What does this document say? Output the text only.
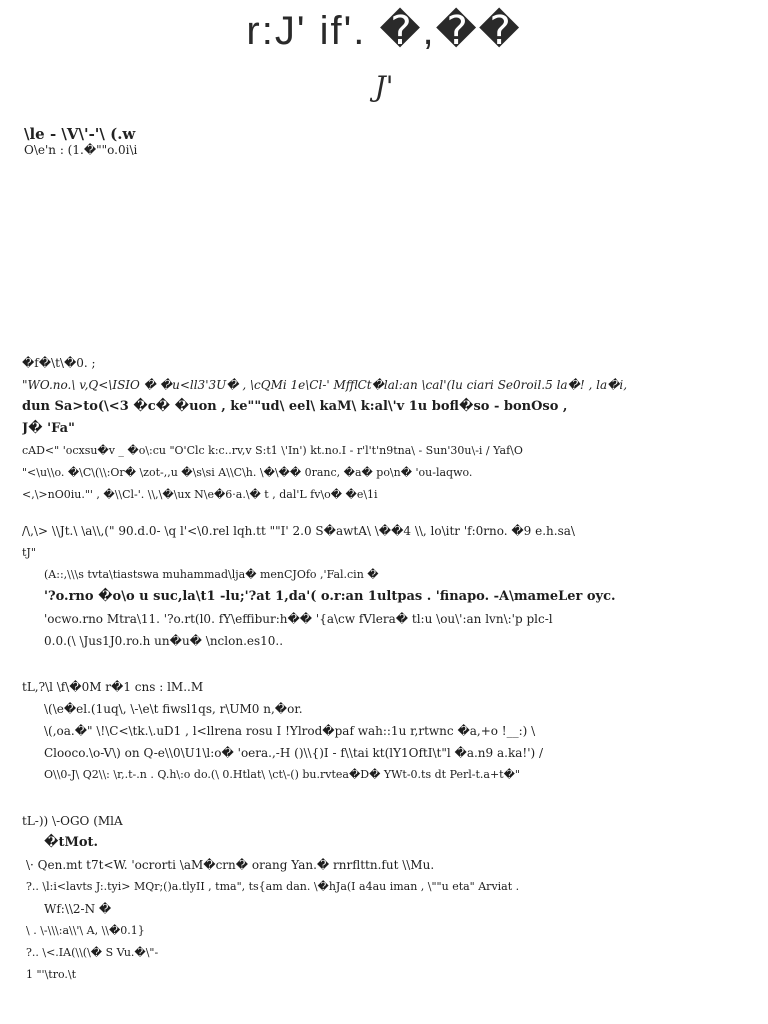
r:J' if'. �,��
J'
\le - \V\'-'\ (.w
O\e'n : (1.�""o.0i\i
�f�\t\�0. ;
"WO.no.\ v,Q<\ISIO � �u<ll3'3U� , \cQMi 1e\Cl-' MfflCt�lal:an \cal'(lu ciari Se0roil.5 la�! , la�i,
dun Sa>to(\<3 �c� �uon , ke""ud\ eel\ kaM\ k:al\'v 1u bofl�so - bonOso ,
J� 'Fa"
cAD<" 'ocxsu�v _ �o\:cu "O'Clc k:c..rv,v S:t1 \'In') kt.no.I - r'l't'n9tna\ - Sun'30u\-i / Yaf\O
"<\u\\o. �\C\(\\:Or� \zot-,,u �\s\si A\\C\h. \�\�� 0ranc, �a� po\n� 'ou-laqwo.
<,\>nO0iu."' , �\\Cl-'. \\,\�\ux N\e�6·a.\� t , dal'L fv\o� �e\1i
/\,\> \\Jt.\ \a\\,(" 90.d.0- \q l'<\0.rel lqh.tt ""I' 2.0 S�awtA\ \��4 \\, lo\itr 'f:0rno. �9 e.h.sa\
tJ"
(A::,\\\s tvta\tiastswa muhammad\lja� menCJOfo ,'Fal.cin �
'?o.rno �o\o u suc,la\t1 -lu;'?at 1,da'( o.r:an 1ultpas . 'finapo. -A\mameLer oyc.
'ocwo.rno Mtra\11. '?o.rt(l0. fY\effibur:h�� '{a\cw fVlera� tl:u \ou\':an lvn\:'p plc-l
0.0.(\ \Jus1J0.ro.h un�u� \nclon.es10..
tL,?\l \f\�0M r�1 cns : lM..M
\(\e�el.(1uq\, \-\e\t fiwsl1qs, r\UM0 n,�or.
\(,oa.�" \!\C<\tk.\.uD1 , l<llrena rosu I !Ylrod�paf wah::1u r,rtwnc �a,+o !__:) \
Clooco.\o-V\) on Q-e\\0\U1\l:o� 'oera.,-H ()\\{)I - f\\tai kt(lY1OftI\t"l �a.n9 a.ka!') /
O\\0-J\ Q2\\: \r,.t-.n . Q.h\:o do.(\ 0.Htlat\ \ct\-() bu.rvtea�D� YWt-0.ts dt Perl-t.a+t�"
tL-)) \-OGO (MlA
�tMot.
\· Qen.mt t7t<W. 'ocrorti \aM�crn� orang Yan.� rnrflttn.fut \\Mu.
?.. \l:i<lavts J:.tyi> MQr;()a.tlyII , tma", ts{am dan. \�hJa(I a4au iman , \""u eta" Arviat .
Wf:\\2-N �
\ . \-\\\:a\\'\ A, \\�0.1}
?.. \<.IA(\\(\� S Vu.�\"-
1 "'\tro.\t
